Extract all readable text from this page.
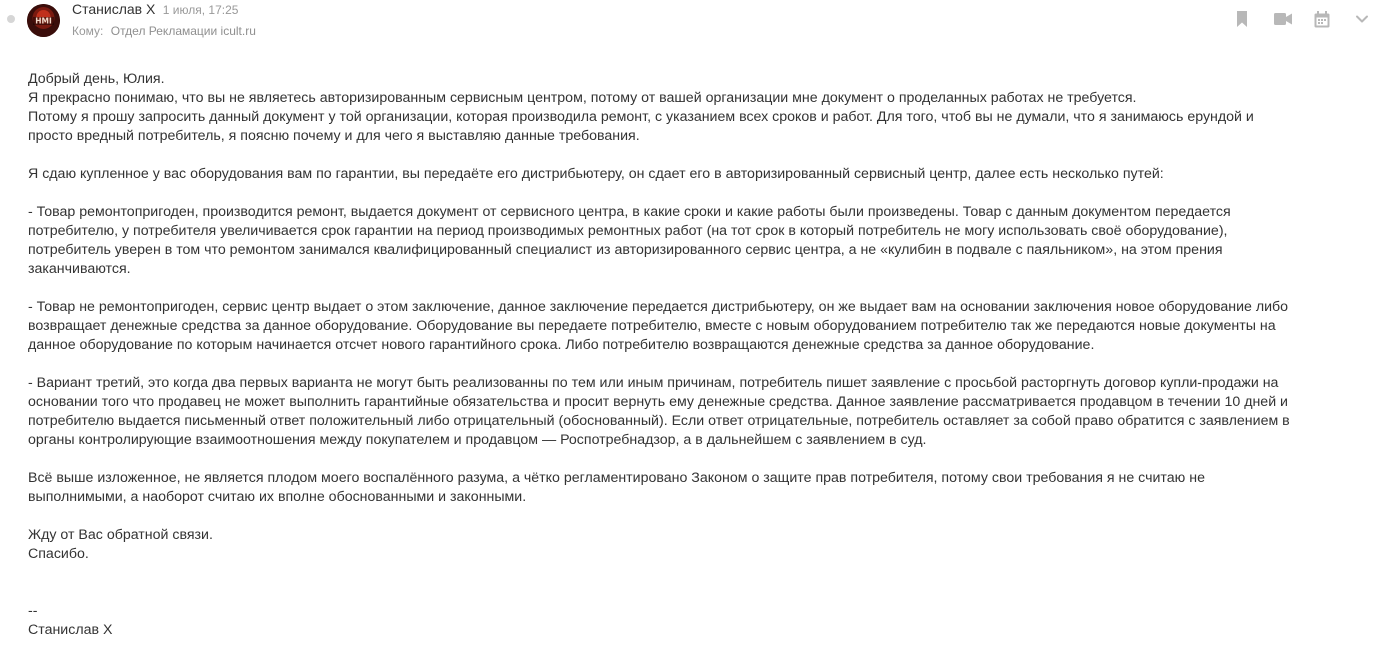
HMI
Станислав Х 1 июля, 17:25
Кому: Отдел Рекламации icult.ru

Добрый день, Юлия.

Я прекрасно понимаю, что вы не являетесь авторизированным сервисным центром, потому от вашей организации мне документ о проделанных работах не требуется.

Потому я прошу запросить данный документ у той организации, которая производила ремонт, с указанием всех сроков и работ. Для того, чтоб вы не думали, что я занимаюсь ерундой и

просто вредный потребитель, я поясню почему и для чего я выставляю данные требования.

Я сдаю купленное у вас оборудования вам по гарантии, вы передаёте его дистрибьютеру, он сдает его в авторизированный сервисный центр, далее есть несколько путей:

- Товар ремонтопригоден, производится ремонт, выдается документ от сервисного центра, в какие сроки и какие работы были произведены. Товар с данным документом передается

потребителю, у потребителя увеличивается срок гарантии на период производимых ремонтных работ (на тот срок в который потребитель не могу использовать своё оборудование),

потребитель уверен в том что ремонтом занимался квалифицированный специалист из авторизированного сервис центра, а не «кулибин в подвале с паяльником», на этом прения

заканчиваются.

- Товар не ремонтопригоден, сервис центр выдает о этом заключение, данное заключение передается дистрибьютеру, он же выдает вам на основании заключения новое оборудование либо

возвращает денежные средства за данное оборудование. Оборудование вы передаете потребителю, вместе с новым оборудованием потребителю так же передаются новые документы на

данное оборудование по которым начинается отсчет нового гарантийного срока. Либо потребителю возвращаются денежные средства за данное оборудование.

- Вариант третий, это когда два первых варианта не могут быть реализованны по тем или иным причинам, потребитель пишет заявление с просьбой расторгнуть договор купли-продажи на

основании того что продавец не может выполнить гарантийные обязательства и просит вернуть ему денежные средства. Данное заявление рассматривается продавцом в течении 10 дней и

потребителю выдается письменный ответ положительный либо отрицательный (обоснованный). Если ответ отрицательные, потребитель оставляет за собой право обратится с заявлением в

органы контролирующие взаимоотношения между покупателем и продавцом — Роспотребнадзор, а в дальнейшем с заявлением в суд.

Всё выше изложенное, не является плодом моего воспалённого разума, а чётко регламентировано Законом о защите прав потребителя, потому свои требования я не считаю не

выполнимыми, а наоборот считаю их вполне обоснованными и законными.

Жду от Вас обратной связи.

Спасибо.

--

Станислав Х
